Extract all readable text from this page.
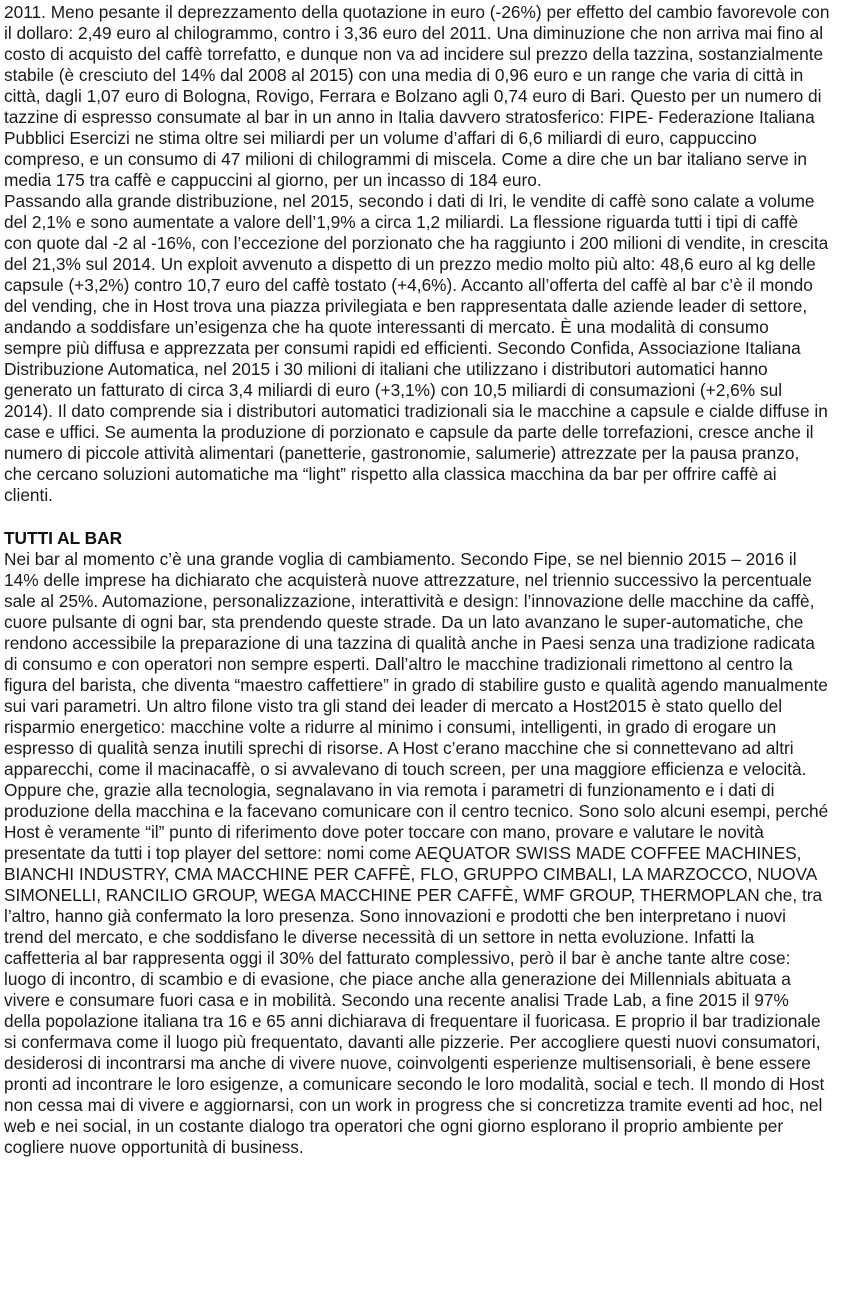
2011. Meno pesante il deprezzamento della quotazione in euro (-26%) per effetto del cambio favorevole con il dollaro: 2,49 euro al chilogrammo, contro i 3,36 euro del 2011. Una diminuzione che non arriva mai fino al costo di acquisto del caffè torrefatto, e dunque non va ad incidere sul prezzo della tazzina, sostanzialmente stabile (è cresciuto del 14% dal 2008 al 2015) con una media di 0,96 euro e un range che varia di città in città, dagli 1,07 euro di Bologna, Rovigo, Ferrara e Bolzano agli 0,74 euro di Bari. Questo per un numero di tazzine di espresso consumate al bar in un anno in Italia davvero stratosferico: FIPE- Federazione Italiana Pubblici Esercizi ne stima oltre sei miliardi per un volume d’affari di 6,6 miliardi di euro, cappuccino compreso, e un consumo di 47 milioni di chilogrammi di miscela. Come a dire che un bar italiano serve in media 175 tra caffè e cappuccini al giorno, per un incasso di 184 euro.

Passando alla grande distribuzione, nel 2015, secondo i dati di Iri, le vendite di caffè sono calate a volume del 2,1% e sono aumentate a valore dell’1,9% a circa 1,2 miliardi. La flessione riguarda tutti i tipi di caffè con quote dal -2 al -16%, con l’eccezione del porzionato che ha raggiunto i 200 milioni di vendite, in crescita del 21,3% sul 2014. Un exploit avvenuto a dispetto di un prezzo medio molto più alto: 48,6 euro al kg delle capsule (+3,2%) contro 10,7 euro del caffè tostato (+4,6%). Accanto all’offerta del caffè al bar c’è il mondo del vending, che in Host trova una piazza privilegiata e ben rappresentata dalle aziende leader di settore, andando a soddisfare un’esigenza che ha quote interessanti di mercato. È una modalità di consumo sempre più diffusa e apprezzata per consumi rapidi ed efficienti. Secondo Confida, Associazione Italiana Distribuzione Automatica, nel 2015 i 30 milioni di italiani che utilizzano i distributori automatici hanno generato un fatturato di circa 3,4 miliardi di euro (+3,1%) con 10,5 miliardi di consumazioni (+2,6% sul 2014). Il dato comprende sia i distributori automatici tradizionali sia le macchine a capsule e cialde diffuse in case e uffici. Se aumenta la produzione di porzionato e capsule da parte delle torrefazioni, cresce anche il numero di piccole attività alimentari (panetterie, gastronomie, salumerie) attrezzate per la pausa pranzo, che cercano soluzioni automatiche ma “light” rispetto alla classica macchina da bar per offrire caffè ai clienti.

TUTTI AL BAR

Nei bar al momento c’è una grande voglia di cambiamento. Secondo Fipe, se nel biennio 2015 – 2016 il 14% delle imprese ha dichiarato che acquisterà nuove attrezzature, nel triennio successivo la percentuale sale al 25%. Automazione, personalizzazione, interattività e design: l’innovazione delle macchine da caffè, cuore pulsante di ogni bar, sta prendendo queste strade. Da un lato avanzano le super-automatiche, che rendono accessibile la preparazione di una tazzina di qualità anche in Paesi senza una tradizione radicata di consumo e con operatori non sempre esperti. Dall’altro le macchine tradizionali rimettono al centro la figura del barista, che diventa “maestro caffettiere” in grado di stabilire gusto e qualità agendo manualmente sui vari parametri. Un altro filone visto tra gli stand dei leader di mercato a Host2015 è stato quello del risparmio energetico: macchine volte a ridurre al minimo i consumi, intelligenti, in grado di erogare un espresso di qualità senza inutili sprechi di risorse. A Host c’erano macchine che si connettevano ad altri apparecchi, come il macinacaffè, o si avvalevano di touch screen, per una maggiore efficienza e velocità. Oppure che, grazie alla tecnologia, segnalavano in via remota i parametri di funzionamento e i dati di produzione della macchina e la facevano comunicare con il centro tecnico. Sono solo alcuni esempi, perché Host è veramente “il” punto di riferimento dove poter toccare con mano, provare e valutare le novità presentate da tutti i top player del settore: nomi come AEQUATOR SWISS MADE COFFEE MACHINES, BIANCHI INDUSTRY, CMA MACCHINE PER CAFFÈ, FLO, GRUPPO CIMBALI, LA MARZOCCO, NUOVA SIMONELLI, RANCILIO GROUP, WEGA MACCHINE PER CAFFÈ, WMF GROUP, THERMOPLAN che, tra l’altro, hanno già confermato la loro presenza. Sono innovazioni e prodotti che ben interpretano i nuovi trend del mercato, e che soddisfano le diverse necessità di un settore in netta evoluzione. Infatti la caffetteria al bar rappresenta oggi il 30% del fatturato complessivo, però il bar è anche tante altre cose: luogo di incontro, di scambio e di evasione, che piace anche alla generazione dei Millennials abituata a vivere e consumare fuori casa e in mobilità. Secondo una recente analisi Trade Lab, a fine 2015 il 97% della popolazione italiana tra 16 e 65 anni dichiarava di frequentare il fuoricasa. E proprio il bar tradizionale si confermava come il luogo più frequentato, davanti alle pizzerie. Per accogliere questi nuovi consumatori, desiderosi di incontrarsi ma anche di vivere nuove, coinvolgenti esperienze multisensoriali, è bene essere pronti ad incontrare le loro esigenze, a comunicare secondo le loro modalità, social e tech. Il mondo di Host non cessa mai di vivere e aggiornarsi, con un work in progress che si concretizza tramite eventi ad hoc, nel web e nei social, in un costante dialogo tra operatori che ogni giorno esplorano il proprio ambiente per cogliere nuove opportunità di business.
